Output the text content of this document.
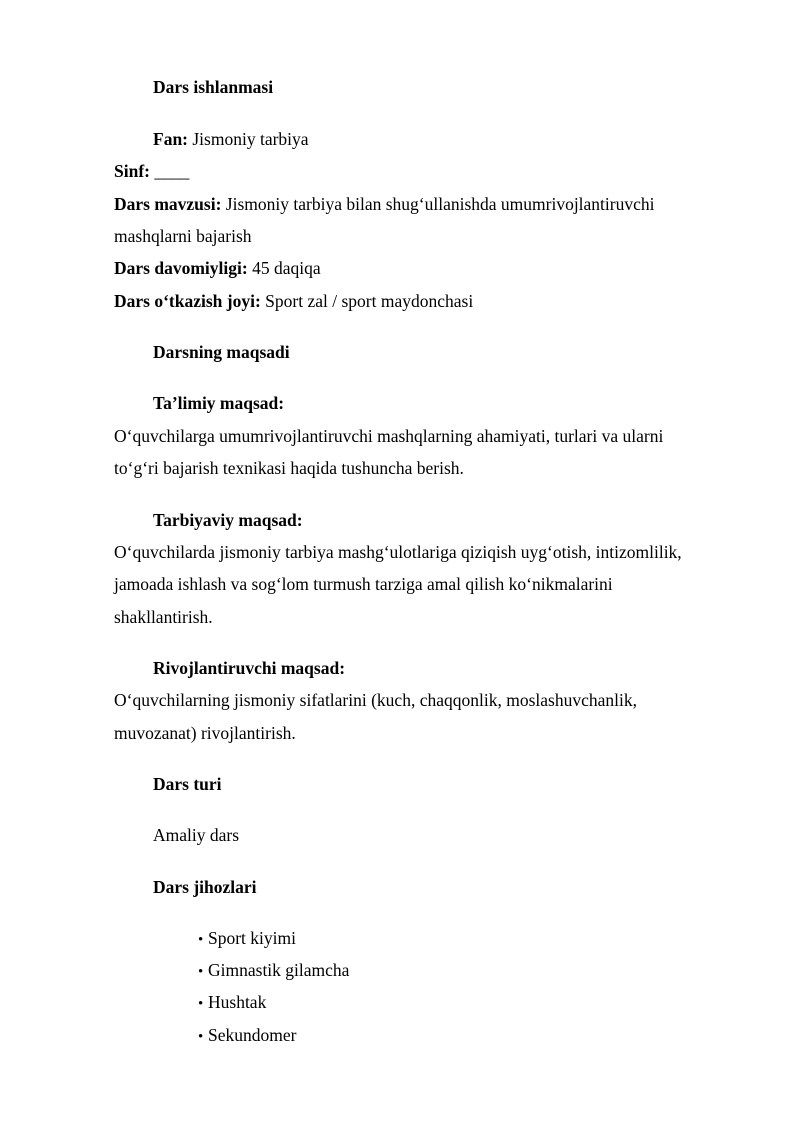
Dars ishlanmasi
Fan: Jismoniy tarbiya
Sinf: ____
Dars mavzusi: Jismoniy tarbiya bilan shug‘ullanishda umumrivojlantiruvchi
mashqlarni bajarish
Dars davomiyligi: 45 daqiqa
Dars o‘tkazish joyi: Sport zal / sport maydonchasi
Darsning maqsadi
Ta’limiy maqsad:
O‘quvchilarga umumrivojlantiruvchi mashqlarning ahamiyati, turlari va ularni
to‘g‘ri bajarish texnikasi haqida tushuncha berish.
Tarbiyaviy maqsad:
O‘quvchilarda jismoniy tarbiya mashg‘ulotlariga qiziqish uyg‘otish, intizomlilik,
jamoada ishlash va sog‘lom turmush tarziga amal qilish ko‘nikmalarini
shakllantirish.
Rivojlantiruvchi maqsad:
O‘quvchilarning jismoniy sifatlarini (kuch, chaqqonlik, moslashuvchanlik,
muvozanat) rivojlantirish.
Dars turi
Amaliy dars
Dars jihozlari
• Sport kiyimi
• Gimnastik gilamcha
• Hushtak
• Sekundomer
